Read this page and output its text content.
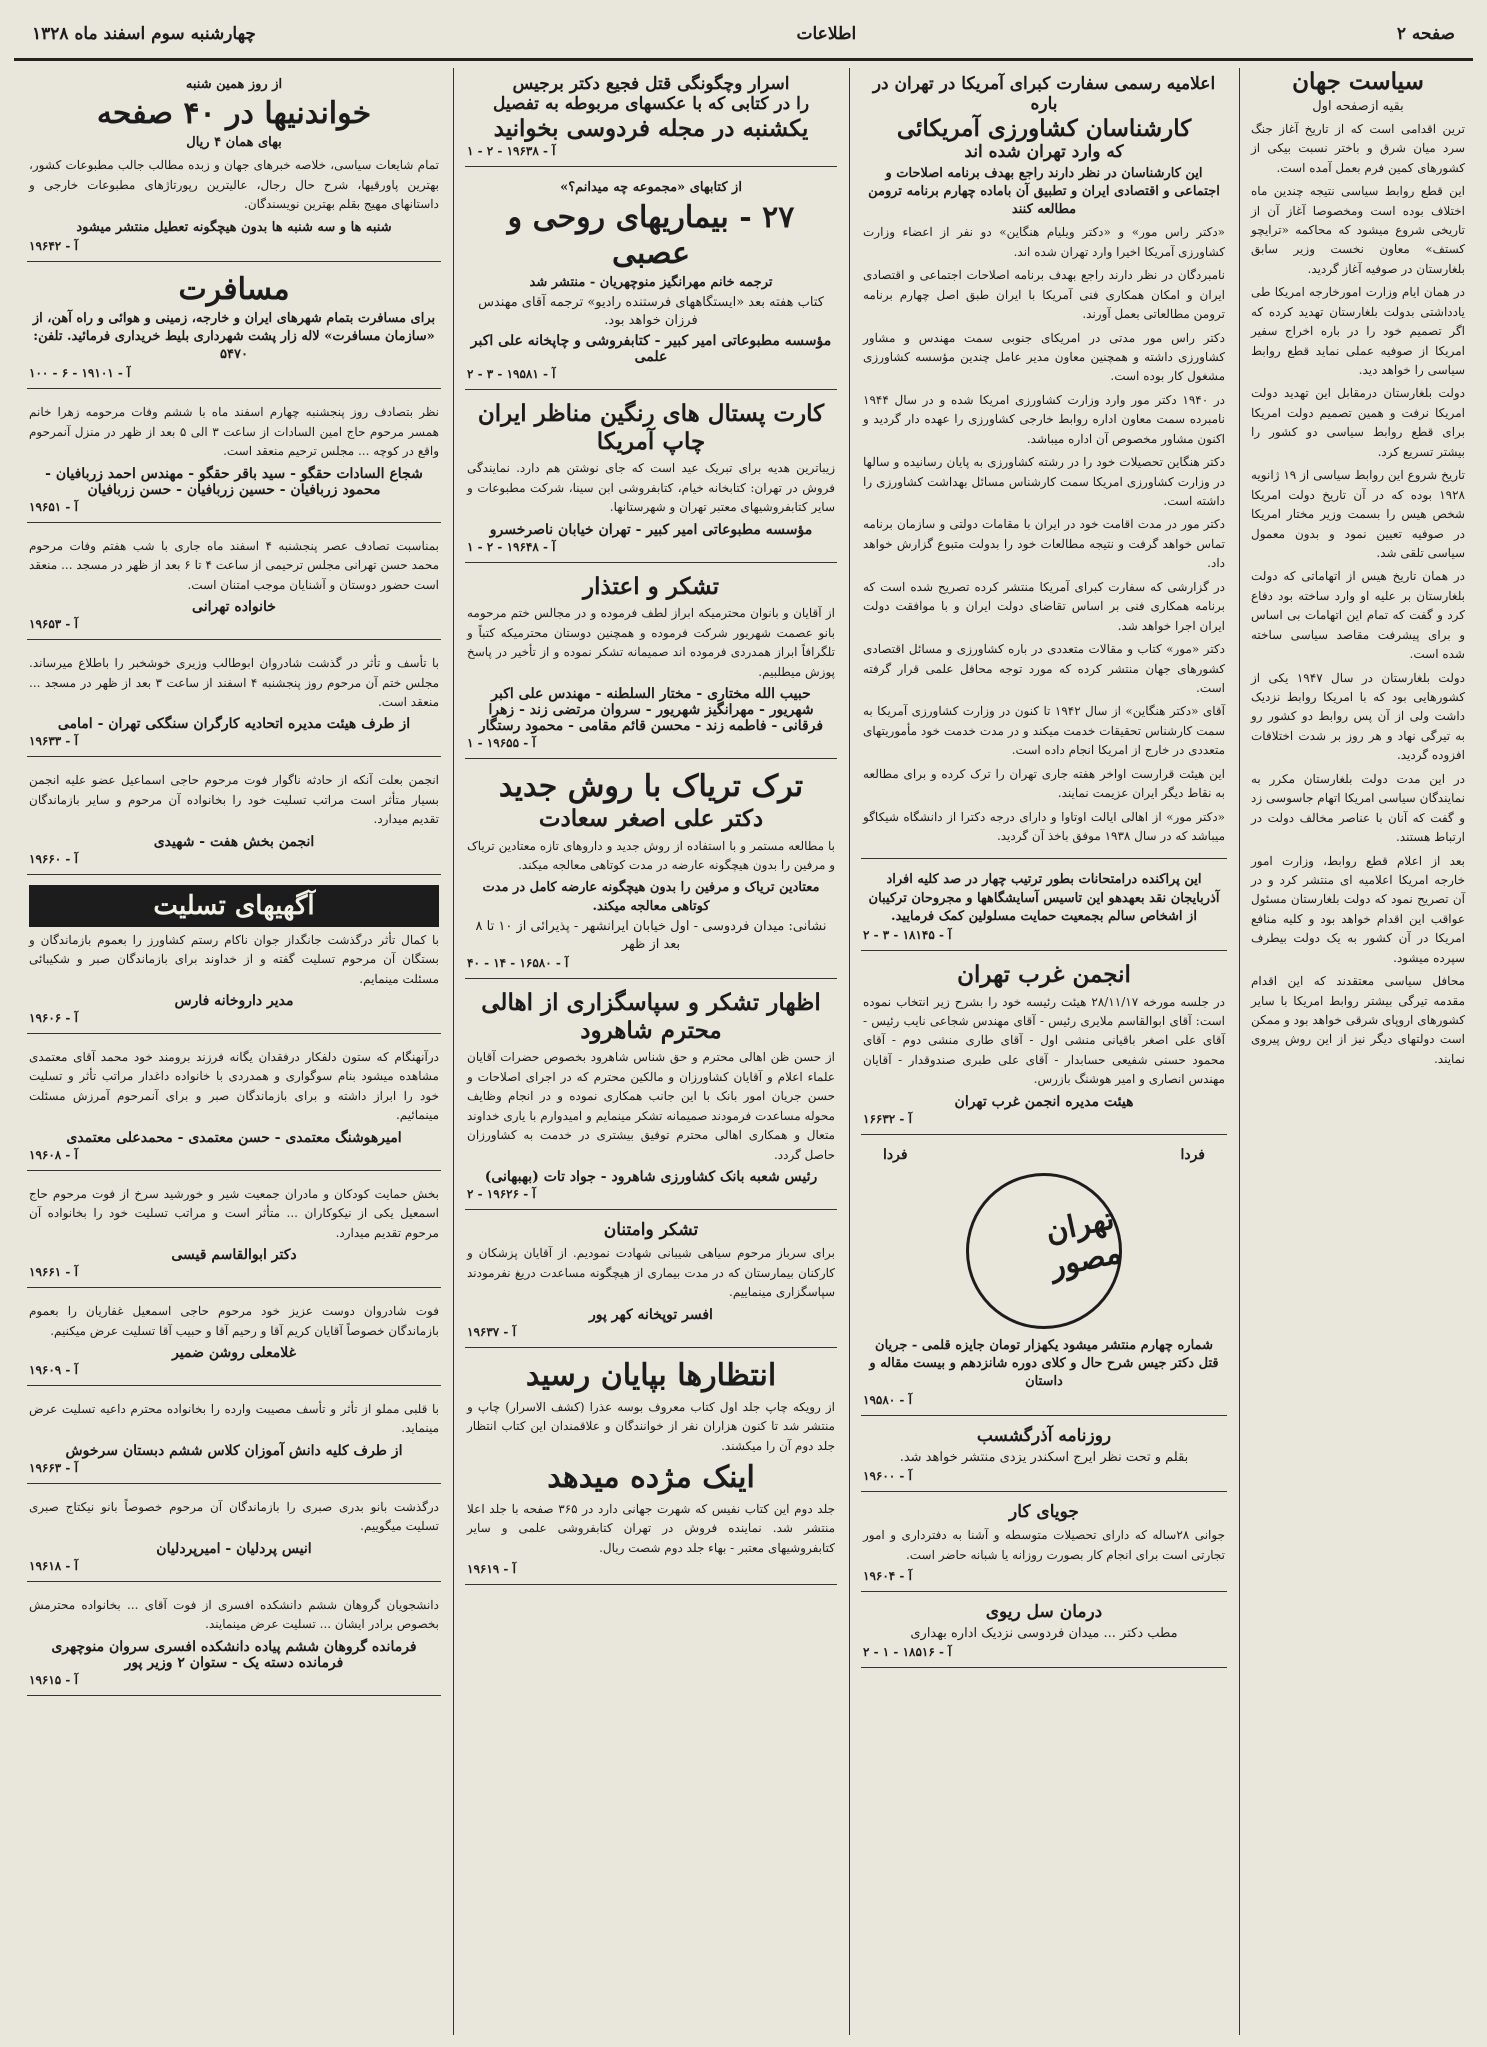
صفحه ۲
اطلاعات
چهارشنبه سوم اسفند ماه ۱۳۲۸
سیاست جهان
بقیه ازصفحه اول

ترین اقدامی است که از تاریخ آغاز جنگ سرد میان شرق و باختر نسبت بیکی از کشورهای کمین فرم بعمل آمده است.

این قطع روابط سیاسی نتیجه چندین ماه اختلاف بوده است ومخصوصا آغاز آن از تاریخی شروع میشود که محاکمه «ترایچو کستف» معاون نخست وزیر سابق بلغارستان در صوفیه آغاز گردید.

در همان ایام وزارت امورخارجه امریکا طی یادداشتی بدولت بلغارستان تهدید کرده که اگر تصمیم خود را در باره اخراج سفیر امریکا از صوفیه عملی نماید قطع روابط سیاسی را خواهد دید.

دولت بلغارستان درمقابل این تهدید دولت امریکا نرفت و همین تصمیم دولت امریکا برای قطع روابط سیاسی دو کشور را بیشتر تسریع کرد.

تاریخ شروع این روابط سیاسی از ۱۹ ژانویه ۱۹۲۸ بوده که در آن تاریخ دولت امریکا شخص هیس را بسمت وزیر مختار امریکا در صوفیه تعیین نمود و بدون معمول سیاسی تلقی شد.

در همان تاریخ هیس از اتهاماتی که دولت بلغارستان بر علیه او وارد ساخته بود دفاع کرد و گفت که تمام این اتهامات بی اساس و برای پیشرفت مقاصد سیاسی ساخته شده است.

دولت بلغارستان در سال ۱۹۴۷ یکی از کشورهایی بود که با امریکا روابط نزدیک داشت ولی از آن پس روابط دو کشور رو به تیرگی نهاد و هر روز بر شدت اختلافات افزوده گردید.

در این مدت دولت بلغارستان مکرر به نمایندگان سیاسی امریکا اتهام جاسوسی زد و گفت که آنان با عناصر مخالف دولت در ارتباط هستند.

بعد از اعلام قطع روابط، وزارت امور خارجه امریکا اعلامیه ای منتشر کرد و در آن تصریح نمود که دولت بلغارستان مسئول عواقب این اقدام خواهد بود و کلیه منافع امریکا در آن کشور به یک دولت بیطرف سپرده میشود.

محافل سیاسی معتقدند که این اقدام مقدمه تیرگی بیشتر روابط امریکا با سایر کشورهای اروپای شرقی خواهد بود و ممکن است دولتهای دیگر نیز از این روش پیروی نمایند.

اعلامیه رسمی سفارت کبرای آمریکا در تهران در باره
کارشناسان کشاورزی آمریکائی
که وارد تهران شده اند
این کارشناسان در نظر دارند راجع بهدف برنامه اصلاحات و اجتماعی و اقتصادی ایران و تطبیق آن باماده چهارم برنامه ترومن مطالعه کنند

«دکتر راس مور» و «دکتر ویلیام هنگاین» دو نفر از اعضاء وزارت کشاورزی آمریکا اخیرا وارد تهران شده اند.

نامبردگان در نظر دارند راجع بهدف برنامه اصلاحات اجتماعی و اقتصادی ایران و امکان همکاری فنی آمریکا با ایران طبق اصل چهارم برنامه ترومن مطالعاتی بعمل آورند.

دکتر راس مور مدتی در امریکای جنوبی سمت مهندس و مشاور کشاورزی داشته و همچنین معاون مدیر عامل چندین مؤسسه کشاورزی مشغول کار بوده است.

در ۱۹۴۰ دکتر مور وارد وزارت کشاورزی امریکا شده و در سال ۱۹۴۴ نامبرده سمت معاون اداره روابط خارجی کشاورزی را عهده دار گردید و اکنون مشاور مخصوص آن اداره میباشد.

دکتر هنگاین تحصیلات خود را در رشته کشاورزی به پایان رسانیده و سالها در وزارت کشاورزی امریکا سمت کارشناس مسائل بهداشت کشاورزی را داشته است.

دکتر مور در مدت اقامت خود در ایران با مقامات دولتی و سازمان برنامه تماس خواهد گرفت و نتیجه مطالعات خود را بدولت متبوع گزارش خواهد داد.

در گزارشی که سفارت کبرای آمریکا منتشر کرده تصریح شده است که برنامه همکاری فنی بر اساس تقاضای دولت ایران و با موافقت دولت ایران اجرا خواهد شد.

دکتر «مور» کتاب و مقالات متعددی در باره کشاورزی و مسائل اقتصادی کشورهای جهان منتشر کرده که مورد توجه محافل علمی قرار گرفته است.

آقای «دکتر هنگاین» از سال ۱۹۴۲ تا کنون در وزارت کشاورزی آمریکا به سمت کارشناس تحقیقات خدمت میکند و در مدت خدمت خود مأموریتهای متعددی در خارج از امریکا انجام داده است.

این هیئت قرارست اواخر هفته جاری تهران را ترک کرده و برای مطالعه به نقاط دیگر ایران عزیمت نمایند.

«دکتر مور» از اهالی ایالت اوتاوا و دارای درجه دکترا از دانشگاه شیکاگو میباشد که در سال ۱۹۳۸ موفق باخذ آن گردید.

این پراکنده درامتحانات بطور ترتیب چهار در صد کلیه افراد آذربایجان نقد بعهدهو این تاسیس آسایشگاهها و مجروحان ترکیبان از اشخاص سالم بجمعیت حمایت مسلولین کمک فرمایید.
آ - ۱۸۱۴۵ - ۳ - ۲
انجمن غرب تهران

در جلسه مورخه ۲۸/۱۱/۱۷ هیئت رئیسه خود را بشرح زیر انتخاب نموده است: آقای ابوالقاسم ملایری رئیس - آقای مهندس شجاعی نایب رئیس - آقای علی اصغر باقیانی منشی اول - آقای طاری منشی دوم - آقای محمود حسنی شفیعی حسابدار - آقای علی طبری صندوقدار - آقایان مهندس انصاری و امیر هوشنگ بازرس.

هیئت مدیره انجمن غرب تهران
آ - ۱۶۶۳۲
فردا
فردا
تهران مصور
شماره چهارم منتشر میشود یکهزار تومان جایزه قلمی - جریان قتل دکتر جیس شرح حال و کلای دوره شانزدهم و بیست مقاله و داستان
آ - ۱۹۵۸۰
روزنامه آذرگشسب
بقلم و تحت نظر ایرج اسکندر یزدی منتشر خواهد شد.
آ - ۱۹۶۰۰
جویای کار

جوانی ۲۸ساله که دارای تحصیلات متوسطه و آشنا به دفترداری و امور تجارتی است برای انجام کار بصورت روزانه یا شبانه حاضر است.

آ - ۱۹۶۰۴
درمان سل ریوی
مطب دکتر ... میدان فردوسی نزدیک اداره بهداری
آ - ۱۸۵۱۶ - ۱ - ۲
اسرار وچگونگی قتل فجیع دکتر برجیس
را در کتابی که با عکسهای مربوطه به تفصیل
یکشنبه در مجله فردوسی بخوانید
آ - ۱۹۶۳۸ - ۲ - ۱
از کتابهای «مجموعه چه میدانم؟»
۲۷ - بیماریهای روحی و عصبی
ترجمه خانم مهرانگیز منوچهریان - منتشر شد
کتاب هفته بعد «ایستگاههای فرستنده رادیو» ترجمه آقای مهندس فرزان خواهد بود.
مؤسسه مطبوعاتی امیر کبیر - کتابفروشی و چاپخانه علی اکبر علمی
آ - ۱۹۵۸۱ - ۳ - ۲
کارت پستال های رنگین مناظر ایران
چاپ آمریکا

زیباترین هدیه برای تبریک عید است که جای نوشتن هم دارد. نمایندگی فروش در تهران: کتابخانه خیام، کتابفروشی ابن سینا، شرکت مطبوعات و سایر کتابفروشیهای معتبر تهران و شهرستانها.

مؤسسه مطبوعاتی امیر کبیر - تهران خیابان ناصرخسرو
آ - ۱۹۶۴۸ - ۲ - ۱
تشکر و اعتذار

از آقایان و بانوان محترمیکه ابراز لطف فرموده و در مجالس ختم مرحومه بانو عصمت شهریور شرکت فرموده و همچنین دوستان محترمیکه کتباً و تلگرافاً ابراز همدردی فرموده اند صمیمانه تشکر نموده و از تأخیر در پاسخ پوزش میطلبیم.

حبیب الله مختاری - مختار السلطنه - مهندس علی اکبر شهریور - مهرانگیز شهریور - سروان مرتضی زند - زهرا فرقانی - فاطمه زند - محسن قائم مقامی - محمود رستگار
آ - ۱۹۶۵۵ - ۱
ترک تریاک با روش جدید
دکتر علی اصغر سعادت

با مطالعه مستمر و با استفاده از روش جدید و داروهای تازه معتادین تریاک و مرفین را بدون هیچگونه عارضه در مدت کوتاهی معالجه میکند.

معتادین تریاک و مرفین را بدون هیچگونه عارضه کامل در مدت کوتاهی معالجه میکند.
نشانی: میدان فردوسی - اول خیابان ایرانشهر - پذیرائی از ۱۰ تا ۸ بعد از ظهر
آ - ۱۶۵۸۰ - ۱۴ - ۴۰
اظهار تشکر و سپاسگزاری از اهالی
محترم شاهرود

از حسن ظن اهالی محترم و حق شناس شاهرود بخصوص حضرات آقایان علماء اعلام و آقایان کشاورزان و مالکین محترم که در اجرای اصلاحات و حسن جریان امور بانک با این جانب همکاری نموده و در انجام وظایف محوله مساعدت فرمودند صمیمانه تشکر مینمایم و امیدوارم با یاری خداوند متعال و همکاری اهالی محترم توفیق بیشتری در خدمت به کشاورزان حاصل گردد.

رئیس شعبه بانک کشاورزی شاهرود - جواد تات (بهبهانی)
آ - ۱۹۶۲۶ - ۲
تشکر وامتنان

برای سرباز مرحوم سیاهی شیبانی شهادت نمودیم. از آقایان پزشکان و کارکنان بیمارستان که در مدت بیماری از هیچگونه مساعدت دریغ نفرمودند سپاسگزاری مینماییم.

افسر توپخانه کهر پور
آ - ۱۹۶۳۷
انتظارها بپایان رسید

از رویکه چاپ جلد اول کتاب معروف بوسه عذرا (کشف الاسرار) چاپ و منتشر شد تا کنون هزاران نفر از خوانندگان و علاقمندان این کتاب انتظار جلد دوم آن را میکشند.

اینک مژده میدهد

جلد دوم این کتاب نفیس که شهرت جهانی دارد در ۳۶۵ صفحه با جلد اعلا منتشر شد. نماینده فروش در تهران کتابفروشی علمی و سایر کتابفروشیهای معتبر - بهاء جلد دوم شصت ریال.

آ - ۱۹۶۱۹
از روز همین شنبه
خواندنیها در ۴۰ صفحه
بهای همان ۴ ریال

تمام شایعات سیاسی، خلاصه خبرهای جهان و زبده مطالب جالب مطبوعات کشور، بهترین پاورقیها، شرح حال رجال، عالیترین رپورتاژهای مطبوعات خارجی و داستانهای مهیج بقلم بهترین نویسندگان.

شنبه ها و سه شنبه ها بدون هیچگونه تعطیل منتشر میشود
آ - ۱۹۶۴۲
مسافرت
برای مسافرت بتمام شهرهای ایران و خارجه، زمینی و هوائی و راه آهن، از «سازمان مسافرت» لاله زار پشت شهرداری بلیط خریداری فرمائید. تلفن: ۵۴۷۰
آ - ۱۹۱۰۱ - ۶ - ۱۰۰

نظر بتصادف روز پنجشنبه چهارم اسفند ماه با ششم وفات مرحومه زهرا خانم همسر مرحوم حاج امین السادات از ساعت ۳ الی ۵ بعد از ظهر در منزل آنمرحوم واقع در کوچه ... مجلس ترحیم منعقد است.

شجاع السادات حقگو - سید باقر حقگو - مهندس احمد زربافیان - محمود زربافیان - حسین زربافیان - حسن زربافیان
آ - ۱۹۶۵۱

بمناسبت تصادف عصر پنجشنبه ۴ اسفند ماه جاری با شب هفتم وفات مرحوم محمد حسن تهرانی مجلس ترحیمی از ساعت ۴ تا ۶ بعد از ظهر در مسجد ... منعقد است حضور دوستان و آشنایان موجب امتنان است.

خانواده تهرانی
آ - ۱۹۶۵۳

با تأسف و تأثر در گذشت شادروان ابوطالب وزیری خوشخبر را باطلاع میرساند. مجلس ختم آن مرحوم روز پنجشنبه ۴ اسفند از ساعت ۳ بعد از ظهر در مسجد ... منعقد است.

از طرف هیئت مدیره اتحادیه کارگران سنگکی تهران - امامی
آ - ۱۹۶۳۳

انجمن بعلت آنکه از حادثه ناگوار فوت مرحوم حاجی اسماعیل عضو علیه انجمن بسیار متأثر است مراتب تسلیت خود را بخانواده آن مرحوم و سایر بازماندگان تقدیم میدارد.

انجمن بخش هفت - شهیدی
آ - ۱۹۶۶۰
آگهیهای تسلیت

با کمال تأثر درگذشت جانگداز جوان ناکام رستم کشاورز را بعموم بازماندگان و بستگان آن مرحوم تسلیت گفته و از خداوند برای بازماندگان صبر و شکیبائی مسئلت مینمایم.

مدیر داروخانه فارس
آ - ۱۹۶۰۶

درآنهنگام که ستون دلفکار درفقدان یگانه فرزند برومند خود محمد آقای معتمدی مشاهده میشود بنام سوگواری و همدردی با خانواده داغدار مراتب تأثر و تسلیت خود را ابراز داشته و برای بازماندگان صبر و برای آنمرحوم آمرزش مسئلت مینمائیم.

امیرهوشنگ معتمدی - حسن معتمدی - محمدعلی معتمدی
آ - ۱۹۶۰۸

بخش حمایت کودکان و مادران جمعیت شیر و خورشید سرخ از فوت مرحوم حاج اسمعیل یکی از نیکوکاران ... متأثر است و مراتب تسلیت خود را بخانواده آن مرحوم تقدیم میدارد.

دکتر ابوالقاسم قیسی
آ - ۱۹۶۶۱

فوت شادروان دوست عزیز خود مرحوم حاجی اسمعیل غفاریان را بعموم بازماندگان خصوصاً آقایان کریم آقا و رحیم آقا و حبیب آقا تسلیت عرض میکنیم.

غلامعلی روشن ضمیر
آ - ۱۹۶۰۹

با قلبی مملو از تأثر و تأسف مصیبت وارده را بخانواده محترم داعیه تسلیت عرض مینماید.

از طرف کلیه دانش آموزان کلاس ششم دبستان سرخوش
آ - ۱۹۶۶۳

درگذشت بانو بدری صبری را بازماندگان آن مرحوم خصوصاً بانو نیکتاج صبری تسلیت میگوییم.

انیس پردلیان - امیرپردلیان
آ - ۱۹۶۱۸

دانشجویان گروهان ششم دانشکده افسری از فوت آقای ... بخانواده محترمش بخصوص برادر ایشان ... تسلیت عرض مینمایند.

فرمانده گروهان ششم پیاده دانشکده افسری سروان منوچهری فرمانده دسته یک - ستوان ۲ وزیر پور
آ - ۱۹۶۱۵
